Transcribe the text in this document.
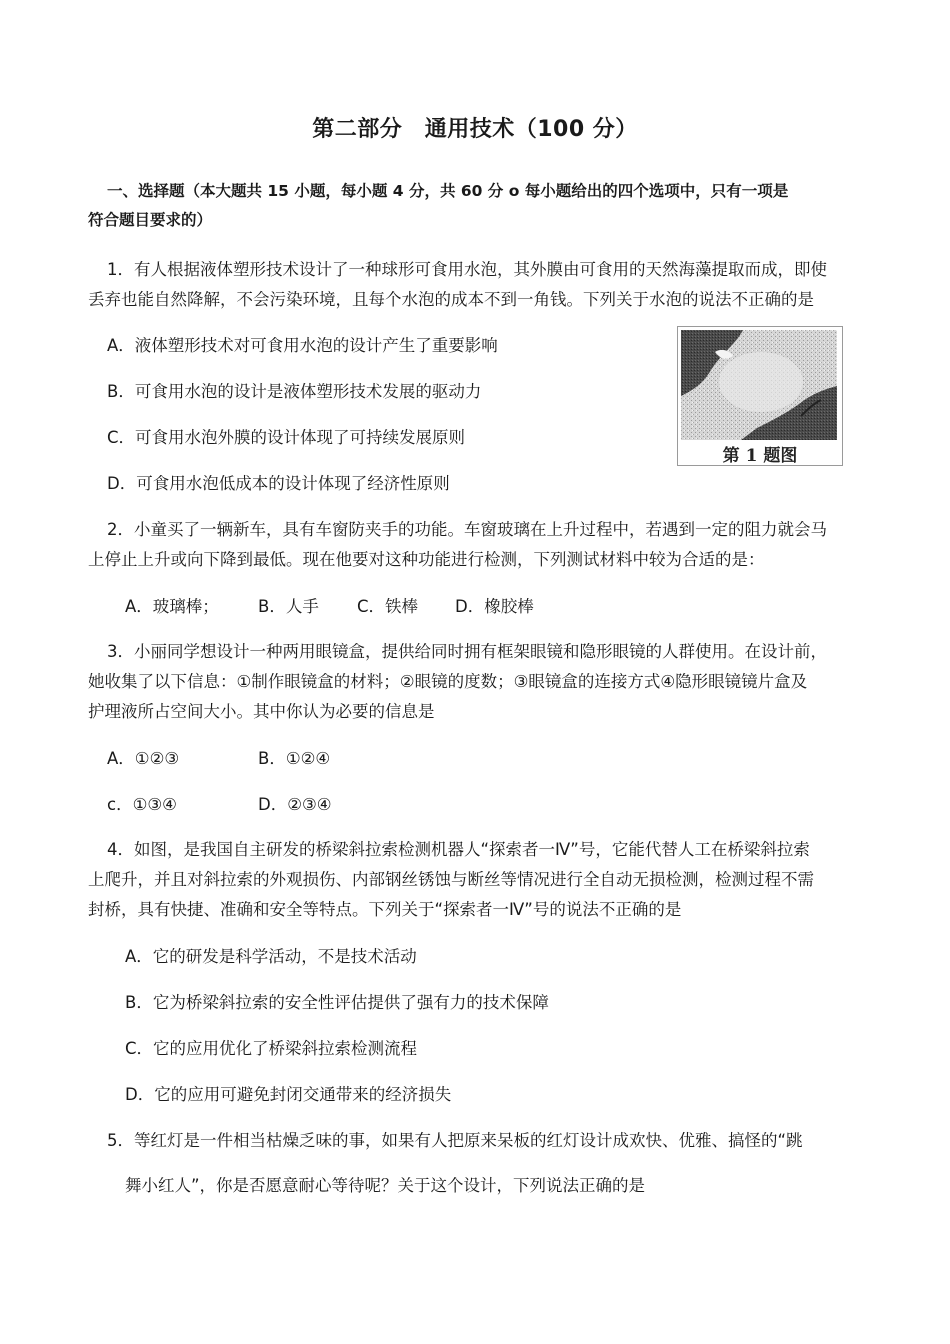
第二部分　通用技术（100 分）
一、选择题（本大题共 15 小题，每小题 4 分，共 60 分 o 每小题给出的四个选项中，只有一项是
符合题目要求的）
1．有人根据液体塑形技术设计了一种球形可食用水泡，其外膜由可食用的天然海藻提取而成，即使
丢弃也能自然降解，不会污染环境，且每个水泡的成本不到一角钱。下列关于水泡的说法不正确的是
A．液体塑形技术对可食用水泡的设计产生了重要影响
B．可食用水泡的设计是液体塑形技术发展的驱动力
C．可食用水泡外膜的设计体现了可持续发展原则
D．可食用水泡低成本的设计体现了经济性原则
第 1 题图
2．小童买了一辆新车，具有车窗防夹手的功能。车窗玻璃在上升过程中，若遇到一定的阻力就会马
上停止上升或向下降到最低。现在他要对这种功能进行检测，下列测试材料中较为合适的是：
A．玻璃棒； B．人手 C．铁棒 D．橡胶棒
3．小丽同学想设计一种两用眼镜盒，提供给同时拥有框架眼镜和隐形眼镜的人群使用。在设计前，
她收集了以下信息：①制作眼镜盒的材料；②眼镜的度数；③眼镜盒的连接方式④隐形眼镜镜片盒及
护理液所占空间大小。其中你认为必要的信息是
A．①②③	B．①②④
c．①③④	D．②③④
4．如图，是我国自主研发的桥梁斜拉索检测机器人“探索者一Ⅳ”号，它能代替人工在桥梁斜拉索
上爬升，并且对斜拉索的外观损伤、内部钢丝锈蚀与断丝等情况进行全自动无损检测，检测过程不需
封桥，具有快捷、准确和安全等特点。下列关于“探索者一Ⅳ”号的说法不正确的是
A．它的研发是科学活动，不是技术活动
B．它为桥梁斜拉索的安全性评估提供了强有力的技术保障
C．它的应用优化了桥梁斜拉索检测流程
D．它的应用可避免封闭交通带来的经济损失
5．等红灯是一件相当枯燥乏味的事，如果有人把原来呆板的红灯设计成欢快、优雅、搞怪的“跳
舞小红人”，你是否愿意耐心等待呢？关于这个设计，下列说法正确的是
